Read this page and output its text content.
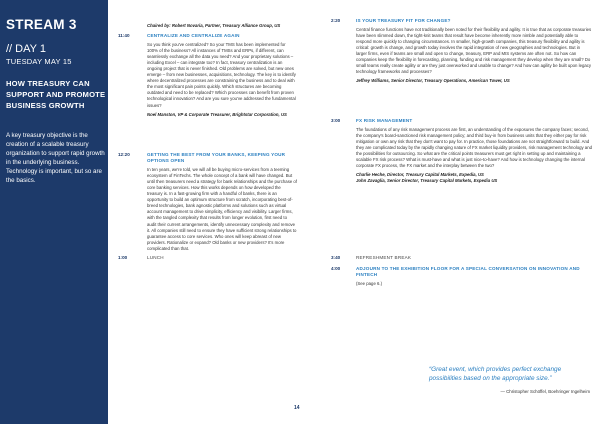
STREAM 3
// DAY 1
TUESDAY MAY 15
HOW TREASURY CAN SUPPORT AND PROMOTE BUSINESS GROWTH
A key treasury objective is the creation of a scalable treasury organization to support rapid growth in the underlying business. Technology is important, but so are the basics.

Chaired by: Robert Novaria, Partner, Treasury Alliance Group, US

11:40	CENTRALIZE AND CENTRALIZE AGAIN

So you think you've centralized? So your TMS has been implemented for 100% of the business? All instances of TMSs and ERPs, if different, can seamlessly exchange all the data you need? And your proprietary solutions – including Excel – can integrate too? In fact, treasury centralization is an ongoing project that is never finished. Old problems are solved, but new ones emerge – from new businesses, acquisitions, technology. The key is to identify where decentralized processes are constraining the business and to deal with the most significant pain points quickly. Which structures are becoming outdated and need to be replaced? Which processes can benefit from proven technological innovation? And are you sure you've addressed the fundamental issues?

Noel Manston, VP & Corporate Treasurer, Brightstar Corporation, US

12:20	GETTING THE BEST FROM YOUR BANKS, KEEPING YOUR OPTIONS OPEN

In ten years, we're told, we will all be buying micro-services from a teeming ecosystem of FinTechs. The whole concept of a bank will have changed. But until then treasurers need a strategy for bank relationships and the purchase of core banking services. How this works depends on how developed the treasury is. In a fast-growing firm with a handful of banks, there is an opportunity to build an optimum structure from scratch, incorporating best-of-breed technologies, bank agnostic platforms and solutions such as virtual account management to drive simplicity, efficiency and visibility. Larger firms, with the tangled complexity that results from longer evolution, first need to audit their current arrangements, identify unnecessary complexity and remove it. All companies still need to ensure they have sufficient strong relationships to guarantee access to core services. Who ones will keep abreast of new providers. Rationalize or expand? Old banks or new providers? It's more complicated than that.

1:00	LUNCH

2:20	IS YOUR TREASURY FIT FOR CHANGE?

Central finance functions have not traditionally been noted for their flexibility and agility. It is true that as corporate treasuries have been slimmed down, the tight-knit teams that result have become inherently more nimble and potentially able to respond more quickly to changing circumstances. In smaller, high-growth companies, this treasury flexibility and agility is critical: growth is change, and growth today involves the rapid integration of new geographies and technologies. But in larger firms, even if teams are small and open to change, treasury, ERP and MIS systems are often not. So how can companies keep the flexibility in forecasting, planning, funding and risk management they develop when they are small? Do small teams really create agility or are they just overworked and unable to change? And how can agility be built upon legacy technology frameworks and processes?

Jeffrey Williams, Senior Director, Treasury Operations, American Tower, US

3:00	FX RISK MANAGEMENT

The foundations of any risk management process are first, an understanding of the exposures the company faces; second, the company's board-sanctioned risk management policy; and third buy-in from business units that they either pay for risk mitigation or own any risk that they don't want to pay for. In practice, those foundations are not straightforward to build. And they are complicated today by the rapidly changing nature of FX market liquidity providers, risk management technology and the possibilities for outsourcing. So what are the critical points treasurers must get right in setting up and maintaining a scalable FX risk process? What is must-have and what is just nice-to-have? And how is technology changing the internal corporate FX process, the FX market and the interplay between the two?

Charlie Heche, Director, Treasury Capital Markets, Expedia, US
John Zavaglia, Senior Director, Treasury Capital Markets, Expedia US

3:40	REFRESHMENT BREAK

4:00	ADJOURN TO THE EXHIBITION FLOOR FOR A SPECIAL CONVERSATION ON INNOVATION AND FINTECH

(See page 6.)

“Great event, which provides perfect exchange possibilities based on the appropriate size.”
— Christopher Schöffel, Boehringer Ingelheim
14
